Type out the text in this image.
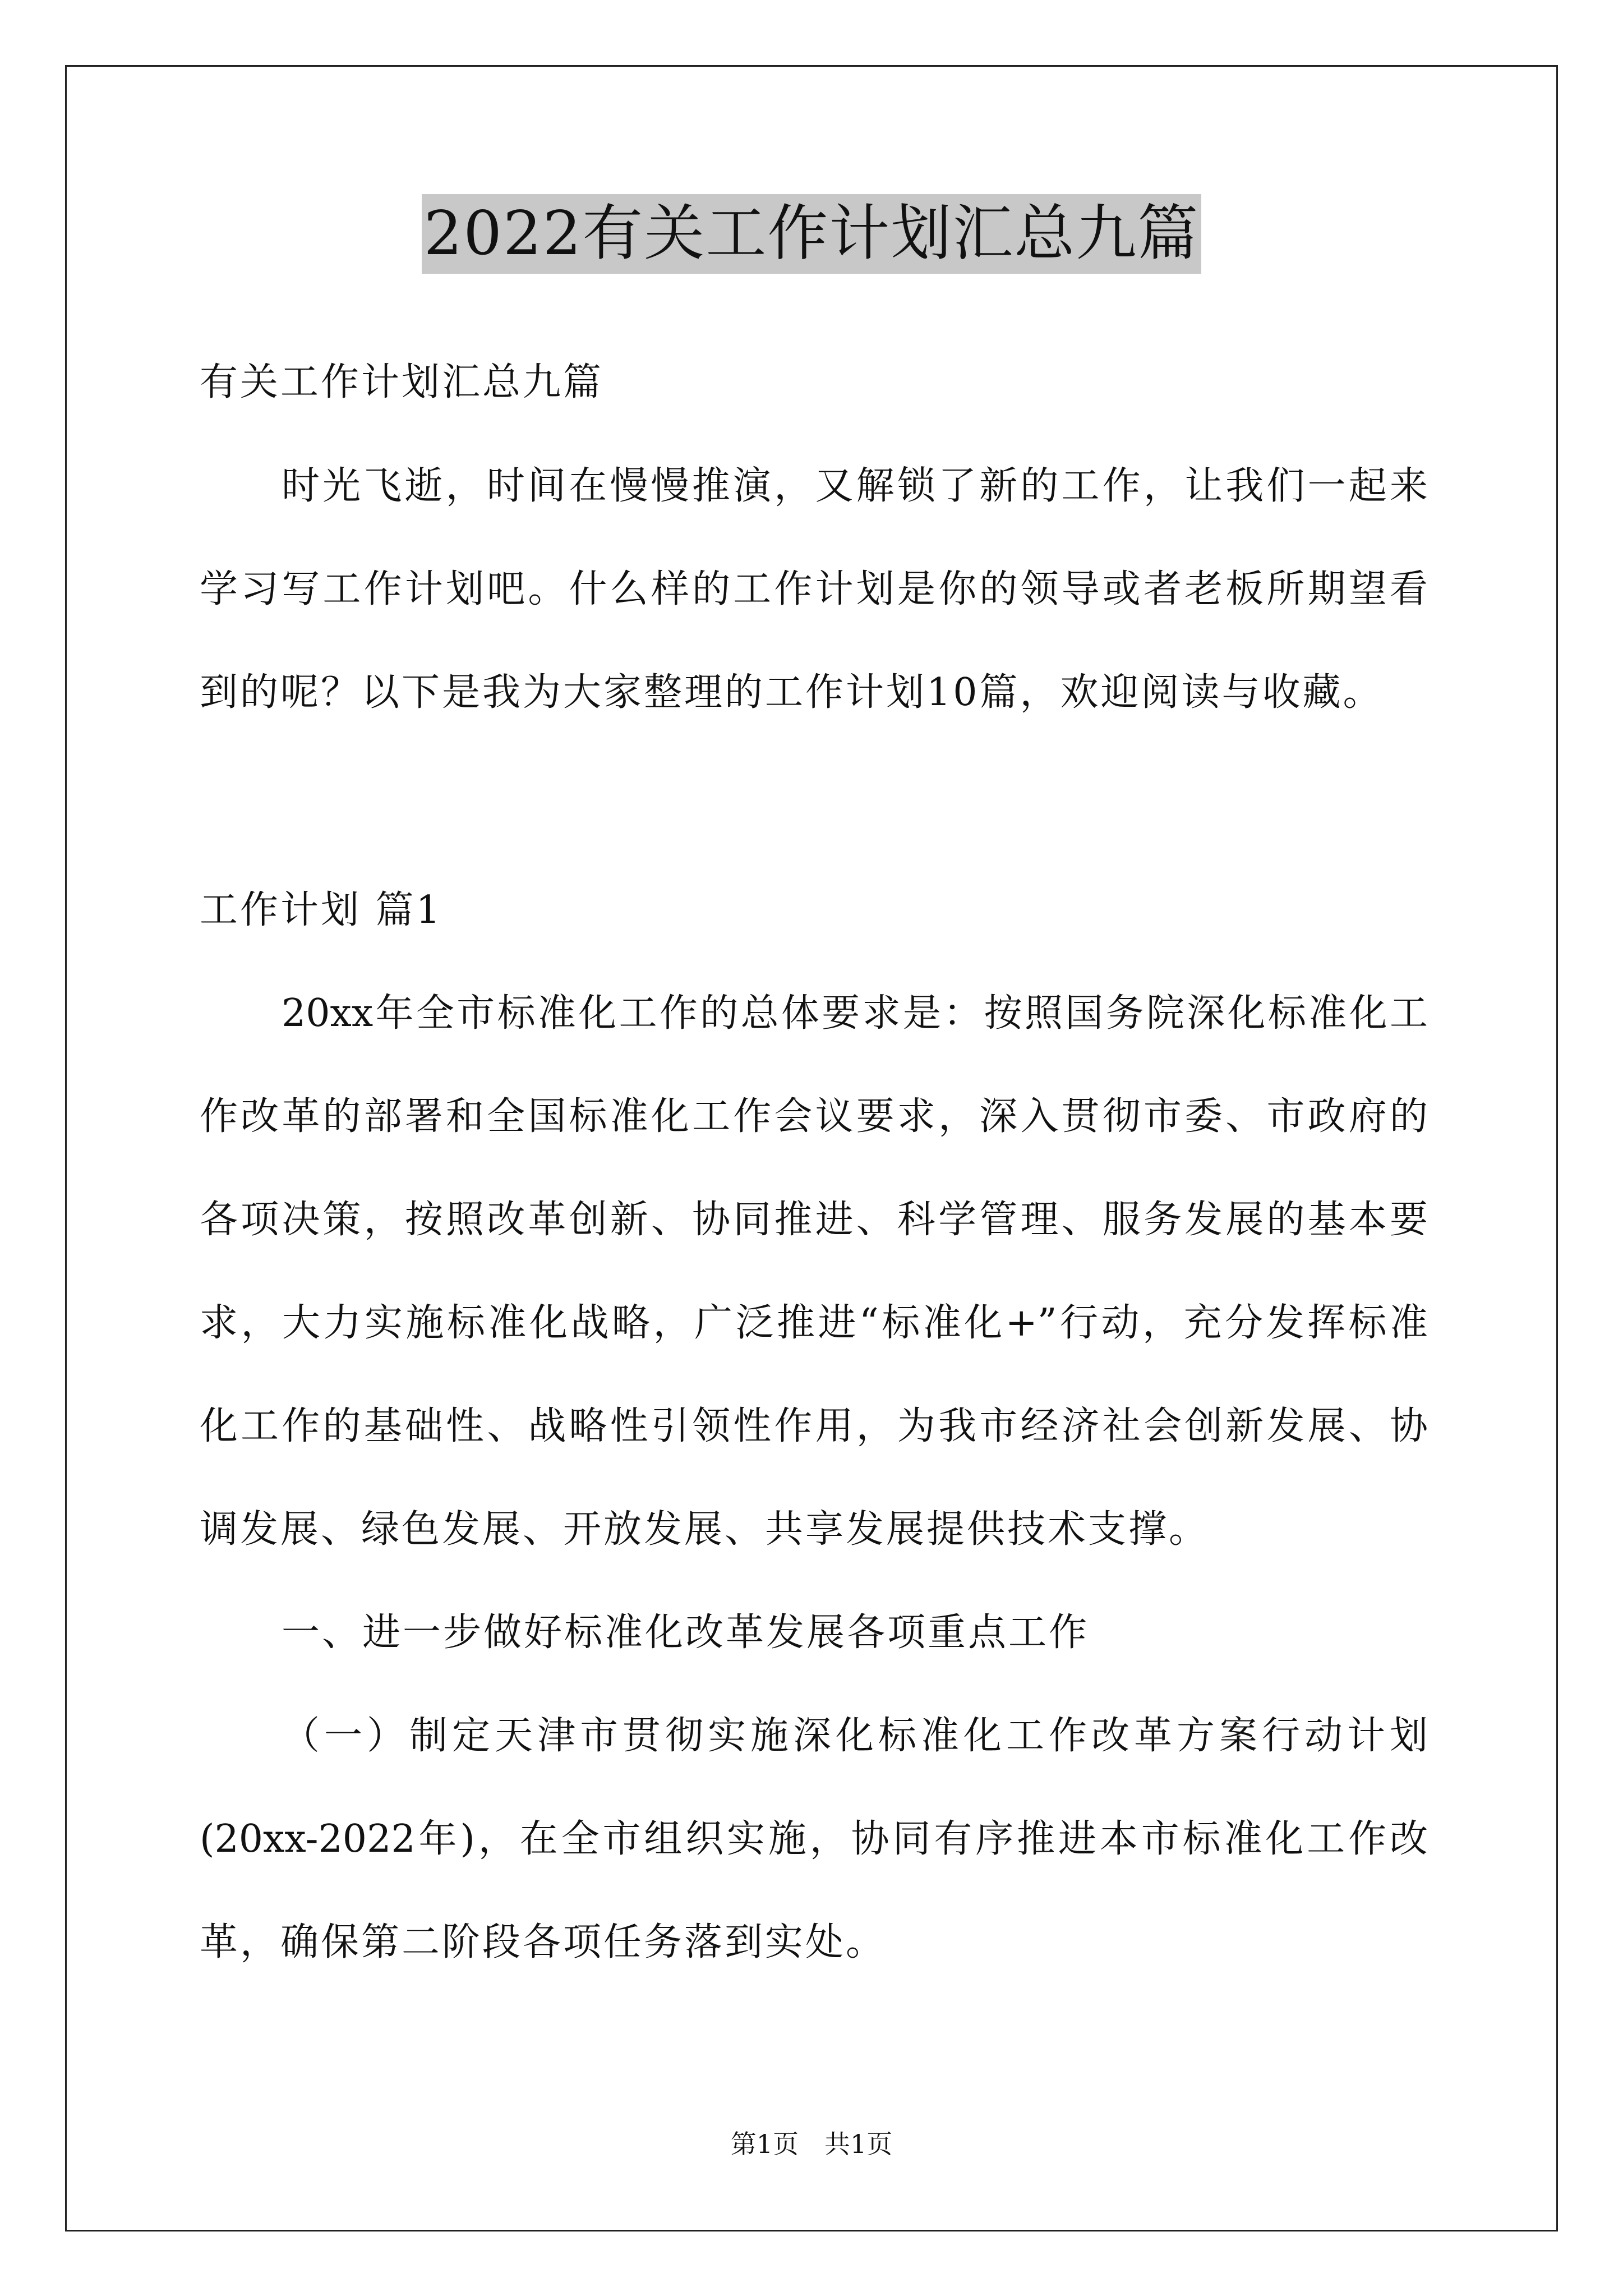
2022有关工作计划汇总九篇
有关工作计划汇总九篇
时光飞逝，时间在慢慢推演，又解锁了新的工作，让我们一起来
学习写工作计划吧。什么样的工作计划是你的领导或者老板所期望看
到的呢？以下是我为大家整理的工作计划10篇，欢迎阅读与收藏。
工作计划 篇1
20xx年全市标准化工作的总体要求是：按照国务院深化标准化工
作改革的部署和全国标准化工作会议要求，深入贯彻市委、市政府的
各项决策，按照改革创新、协同推进、科学管理、服务发展的基本要
求，大力实施标准化战略，广泛推进“标准化+”行动，充分发挥标准
化工作的基础性、战略性引领性作用，为我市经济社会创新发展、协
调发展、绿色发展、开放发展、共享发展提供技术支撑。
一、进一步做好标准化改革发展各项重点工作
（一）制定天津市贯彻实施深化标准化工作改革方案行动计划
(20xx-2022年)，在全市组织实施，协同有序推进本市标准化工作改
革，确保第二阶段各项任务落到实处。
第1页　共1页
